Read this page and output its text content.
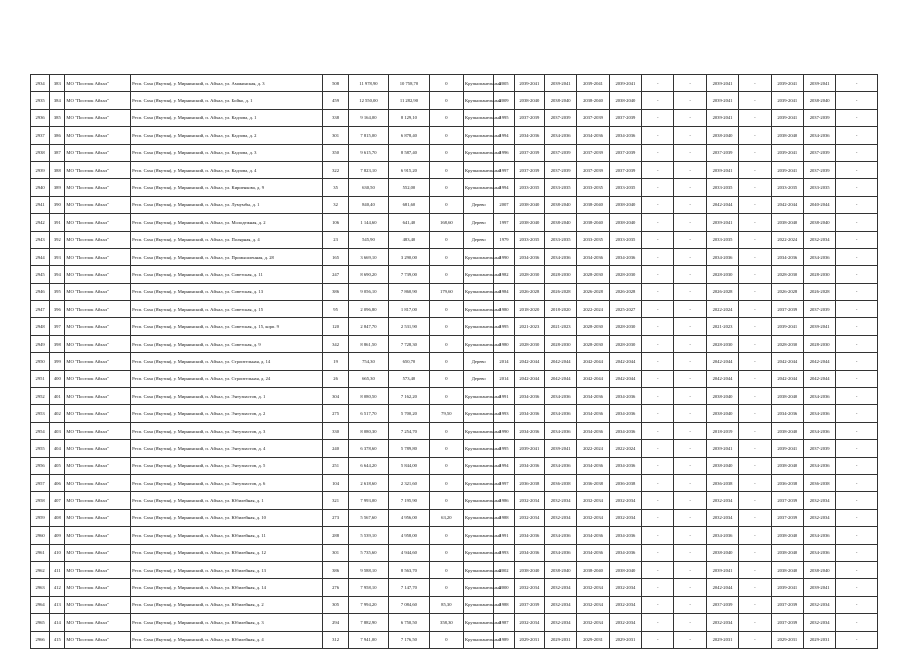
2934	383	МО "Поселок Айхал"	Респ. Саха (Якутия), у. Мирнинский, п. Айхал, ул. Амакинская, д. 3	508	11 978,90	10 758,70	0	Крупнопанельный	2005	2039-2041	2039-2041	2039-2041	2039-2041	-	-	2039-2041	-	2039-2041	2039-2041	-
2935	384	МО "Поселок Айхал"	Респ. Саха (Якутия), у. Мирнинский, п. Айхал, ул. Бойко, д. 1	459	12 550,00	11 282,90	0	Крупнопанельный	2009	2038-2040	2038-2040	2038-2040	2038-2040	-	-	2039-2041	-	2039-2041	2038-2040	-
2936	385	МО "Поселок Айхал"	Респ. Саха (Якутия), у. Мирнинский, п. Айхал, ул. Кадзова, д. 1	338	9 164,00	8 129,10	0	Крупнопанельный	1995	2037-2039	2037-2039	2037-2039	2037-2039	-	-	2039-2041	-	2039-2041	2037-2039	-
2937	386	МО "Поселок Айхал"	Респ. Саха (Якутия), у. Мирнинский, п. Айхал, ул. Кадзова, д. 2	301	7 815,00	6 878,40	0	Крупнопанельный	1994	2034-2036	2034-2036	2034-2036	2034-2036	-	-	2038-2040	-	2038-2040	2034-2036	-
2938	387	МО "Поселок Айхал"	Респ. Саха (Якутия), у. Мирнинский, п. Айхал, ул. Кадзова, д. 3	350	9 615,70	8 587,40	0	Крупнопанельный	1996	2037-2039	2037-2039	2037-2039	2037-2039	-	-	2037-2039	-	2039-2041	2037-2039	-
2939	388	МО "Поселок Айхал"	Респ. Саха (Якутия), у. Мирнинский, п. Айхал, ул. Кадзова, д. 4	322	7 823,10	6 915,20	0	Крупнопанельный	1997	2037-2039	2037-2039	2037-2039	2037-2039	-	-	2039-2041	-	2039-2041	2037-2039	-
2940	389	МО "Поселок Айхал"	Респ. Саха (Якутия), у. Мирнинский, п. Айхал, ул. Кириенкова, д. 9	35	630,50	552,00	0	Крупнопанельный	1994	2033-2035	2033-2035	2033-2035	2033-2035	-	-	2033-2035	-	2033-2035	2033-2035	-
2941	390	МО "Поселок Айхал"	Респ. Саха (Якутия), у. Мирнинский, п. Айхал, ул. Лумумбы, д. 1	32	840,40	681,60	0	Дерево	2007	2038-2040	2038-2040	2038-2040	2038-2040	-	-	2042-2044	-	2042-2044	2040-2044	-
2942	391	МО "Поселок Айхал"	Респ. Саха (Якутия), у. Мирнинский, п. Айхал, ул. Молодежная, д. 2	106	1 144,60	641,40	168,60	Дерево	1997	2038-2040	2038-2040	2038-2040	2038-2040	-	-	2039-2041	-	2038-2040	2038-2040	-
2943	392	МО "Поселок Айхал"	Респ. Саха (Якутия), у. Мирнинский, п. Айхал, ул. Полярная, д. 4	23	545,90	483,40	0	Дерево	1979	2033-2035	2033-2035	2033-2035	2033-2035	-	-	2033-2035	-	2022-2024	2032-2034	-
2944	393	МО "Поселок Айхал"	Респ. Саха (Якутия), у. Мирнинский, п. Айхал, ул. Промышленная, д. 28	165	3 669,10	3 290,00	0	Крупнопанельный	1990	2034-2036	2034-2036	2034-2036	2034-2036	-	-	2034-2036	-	2034-2036	2034-2036	-
2945	394	МО "Поселок Айхал"	Респ. Саха (Якутия), у. Мирнинский, п. Айхал, ул. Советская, д. 11	247	8 690,20	7 739,00	0	Крупнопанельный	1982	2028-2030	2028-2030	2028-2030	2028-2030	-	-	2028-2030	-	2028-2030	2028-2030	-
2946	395	МО "Поселок Айхал"	Респ. Саха (Якутия), у. Мирнинский, п. Айхал, ул. Советская, д. 13	386	9 056,10	7 860,90	179,60	Крупнопанельный	1984	2026-2028	2026-2028	2026-2028	2026-2028	-	-	2026-2028	-	2026-2028	2026-2028	-
2947	396	МО "Поселок Айхал"	Респ. Саха (Якутия), у. Мирнинский, п. Айхал, ул. Советская, д. 15	95	2 096,80	1 817,00	0	Крупнопанельный	1980	2018-2020	2018-2020	2022-2024	2025-2027	-	-	2022-2024	-	2037-2039	2037-2039	-
2948	397	МО "Поселок Айхал"	Респ. Саха (Якутия), у. Мирнинский, п. Айхал, ул. Советская, д. 15, корп. 9	120	2 847,70	2 531,90	0	Крупнопанельный	1995	2021-2023	2021-2023	2028-2030	2028-2030	-	-	2021-2023	-	2039-2041	2039-2041	-
2949	398	МО "Поселок Айхал"	Респ. Саха (Якутия), у. Мирнинский, п. Айхал, ул. Советская, д. 9	342	8 861,50	7 728,30	0	Крупнопанельный	1980	2028-2030	2028-2030	2028-2030	2028-2030	-	-	2028-2030	-	2028-2030	2028-2030	-
2950	399	МО "Поселок Айхал"	Респ. Саха (Якутия), у. Мирнинский, п. Айхал, ул. Строительная, д. 14	19	754,30	650,70	0	Дерево	2014	2042-2044	2042-2044	2042-2044	2042-2044	-	-	2042-2044	-	2042-2044	2042-2044	-
2951	400	МО "Поселок Айхал"	Респ. Саха (Якутия), у. Мирнинский, п. Айхал, ул. Строительная, д. 24	26	665,30	573,40	0	Дерево	2014	2042-2044	2042-2044	2042-2044	2042-2044	-	-	2042-2044	-	2042-2044	2042-2044	-
2952	401	МО "Поселок Айхал"	Респ. Саха (Якутия), у. Мирнинский, п. Айхал, ул. Энтузиастов, д. 1	304	8 080,50	7 162,20	0	Крупнопанельный	1991	2034-2036	2034-2036	2034-2036	2034-2036	-	-	2038-2040	-	2038-2040	2034-2036	-
2953	402	МО "Поселок Айхал"	Респ. Саха (Якутия), у. Мирнинский, п. Айхал, ул. Энтузиастов, д. 2	275	6 517,70	5 700,20	79,50	Крупнопанельный	1993	2034-2036	2034-2036	2034-2036	2034-2036	-	-	2038-2040	-	2034-2036	2034-2036	-
2954	403	МО "Поселок Айхал"	Респ. Саха (Якутия), у. Мирнинский, п. Айхал, ул. Энтузиастов, д. 3	330	8 080,30	7 254,70	0	Крупнопанельный	1990	2034-2036	2034-2036	2034-2036	2034-2036	-	-	2018-2019	-	2038-2040	2034-2036	-
2955	404	МО "Поселок Айхал"	Респ. Саха (Якутия), у. Мирнинский, п. Айхал, ул. Энтузиастов, д. 4	240	6 378,60	5 789,80	0	Крупнопанельный	1995	2039-2041	2039-2041	2022-2024	2022-2024	-	-	2039-2041	-	2039-2041	2037-2039	-
2956	405	МО "Поселок Айхал"	Респ. Саха (Якутия), у. Мирнинский, п. Айхал, ул. Энтузиастов, д. 5	251	6 644,20	5 844,00	0	Крупнопанельный	1994	2034-2036	2034-2036	2034-2036	2034-2036	-	-	2038-2040	-	2038-2040	2034-2036	-
2957	406	МО "Поселок Айхал"	Респ. Саха (Якутия), у. Мирнинский, п. Айхал, ул. Энтузиастов, д. 6	104	2 618,60	2 321,60	0	Крупнопанельный	1997	2036-2038	2036-2038	2036-2038	2036-2038	-	-	2036-2038	-	2036-2038	2036-2038	-
2958	407	МО "Поселок Айхал"	Респ. Саха (Якутия), у. Мирнинский, п. Айхал, ул. Юбилейная, д. 1	321	7 993,00	7 195,90	0	Крупнопанельный	1986	2032-2034	2032-2034	2032-2034	2032-2034	-	-	2032-2034	-	2037-2039	2032-2034	-
2959	408	МО "Поселок Айхал"	Респ. Саха (Якутия), у. Мирнинский, п. Айхал, ул. Юбилейная, д. 10	273	5 567,60	4 956,00	63,20	Крупнопанельный	1988	2032-2034	2032-2034	2032-2034	2032-2034	-	-	2032-2034	-	2037-2039	2032-2034	-
2960	409	МО "Поселок Айхал"	Респ. Саха (Якутия), у. Мирнинский, п. Айхал, ул. Юбилейная, д. 11	288	5 539,10	4 958,00	0	Крупнопанельный	1991	2034-2036	2034-2036	2034-2036	2034-2036	-	-	2034-2036	-	2038-2040	2034-2036	-
2961	410	МО "Поселок Айхал"	Респ. Саха (Якутия), у. Мирнинский, п. Айхал, ул. Юбилейная, д. 12	301	5 735,60	4 944,60	0	Крупнопанельный	1993	2034-2036	2034-2036	2034-2036	2034-2036	-	-	2038-2040	-	2038-2040	2034-2036	-
2962	411	МО "Поселок Айхал"	Респ. Саха (Якутия), у. Мирнинский, п. Айхал, ул. Юбилейная, д. 13	386	9 588,10	8 563,70	0	Крупнопанельный	2002	2038-2040	2038-2040	2038-2040	2038-2040	-	-	2039-2041	-	2038-2040	2038-2040	-
2963	412	МО "Поселок Айхал"	Респ. Саха (Якутия), у. Мирнинский, п. Айхал, ул. Юбилейная, д. 14	276	7 958,10	7 147,70	0	Крупнопанельный	2000	2032-2034	2032-2034	2032-2034	2032-2034	-	-	2042-2044	-	2039-2041	2039-2041	-
2964	413	МО "Поселок Айхал"	Респ. Саха (Якутия), у. Мирнинский, п. Айхал, ул. Юбилейная, д. 2	305	7 994,20	7 084,60	85,30	Крупнопанельный	1988	2037-2039	2032-2034	2032-2034	2032-2034	-	-	2037-2039	-	2037-2039	2032-2034	-
2965	414	МО "Поселок Айхал"	Респ. Саха (Якутия), у. Мирнинский, п. Айхал, ул. Юбилейная, д. 3	294	7 882,90	6 750,50	358,30	Крупнопанельный	1987	2032-2034	2032-2034	2032-2034	2032-2034	-	-	2032-2034	-	2037-2039	2032-2034	-
2966	415	МО "Поселок Айхал"	Респ. Саха (Якутия), у. Мирнинский, п. Айхал, ул. Юбилейная, д. 4	312	7 941,00	7 176,50	0	Крупнопанельный	1989	2029-2031	2029-2031	2029-2031	2029-2031	-	-	2029-2031	-	2029-2031	2029-2031	-
